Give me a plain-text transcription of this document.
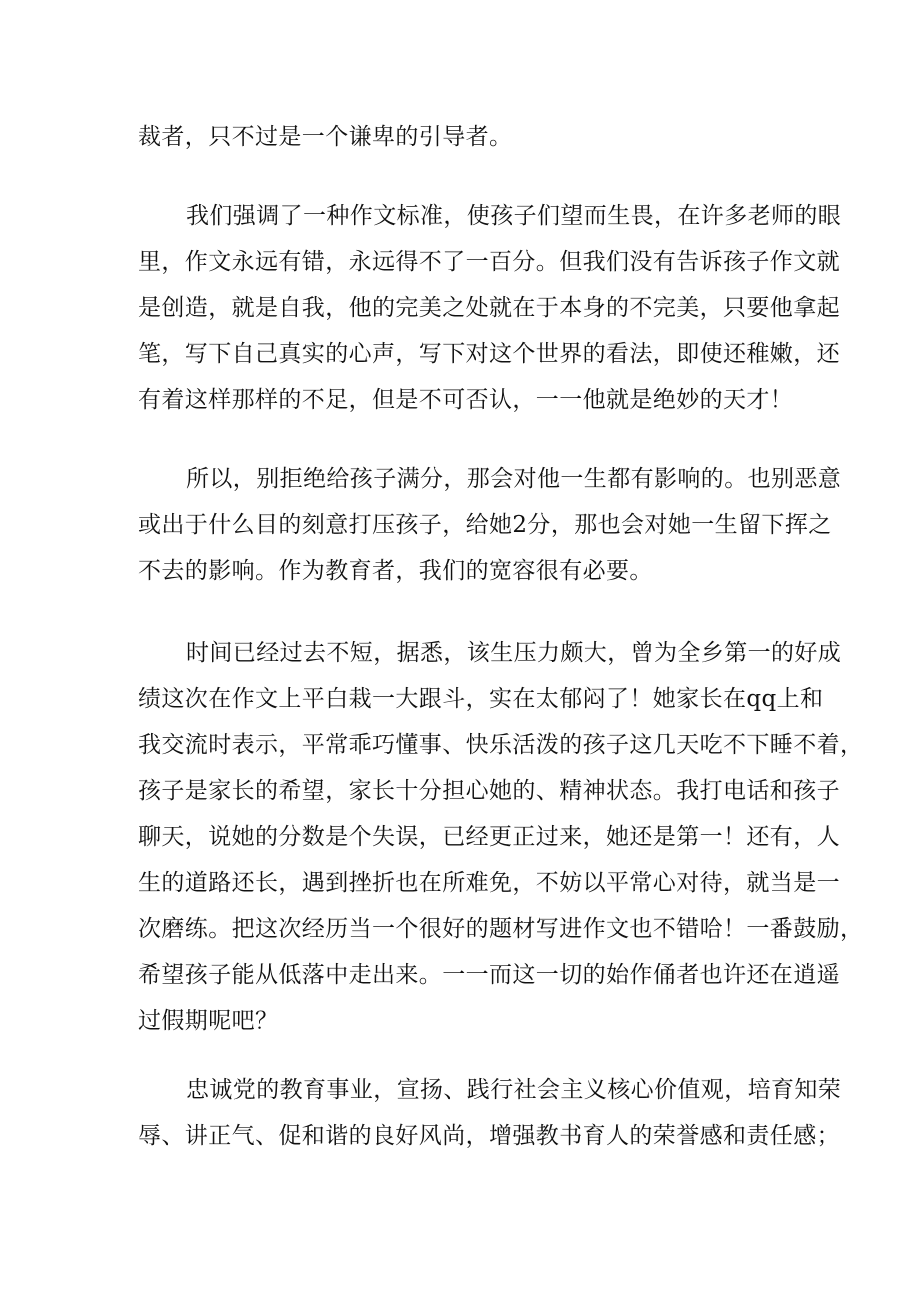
裁者，只不过是一个谦卑的引导者。
我们强调了一种作文标准，使孩子们望而生畏，在许多老师的眼
里，作文永远有错，永远得不了一百分。但我们没有告诉孩子作文就
是创造，就是自我，他的完美之处就在于本身的不完美，只要他拿起
笔，写下自己真实的心声，写下对这个世界的看法，即使还稚嫩，还
有着这样那样的不足，但是不可否认，一一他就是绝妙的天才！
所以，别拒绝给孩子满分，那会对他一生都有影响的。也别恶意
或出于什么目的刻意打压孩子，给她2分，那也会对她一生留下挥之
不去的影响。作为教育者，我们的宽容很有必要。
时间已经过去不短，据悉，该生压力颇大，曾为全乡第一的好成
绩这次在作文上平白栽一大跟斗，实在太郁闷了！她家长在qq上和
我交流时表示，平常乖巧懂事、快乐活泼的孩子这几天吃不下睡不着，
孩子是家长的希望，家长十分担心她的、精神状态。我打电话和孩子
聊天，说她的分数是个失误，已经更正过来，她还是第一！还有，人
生的道路还长，遇到挫折也在所难免，不妨以平常心对待，就当是一
次磨练。把这次经历当一个很好的题材写进作文也不错哈！一番鼓励，
希望孩子能从低落中走出来。一一而这一切的始作俑者也许还在逍遥
过假期呢吧？
忠诚党的教育事业，宣扬、践行社会主义核心价值观，培育知荣
辱、讲正气、促和谐的良好风尚，增强教书育人的荣誉感和责任感；
